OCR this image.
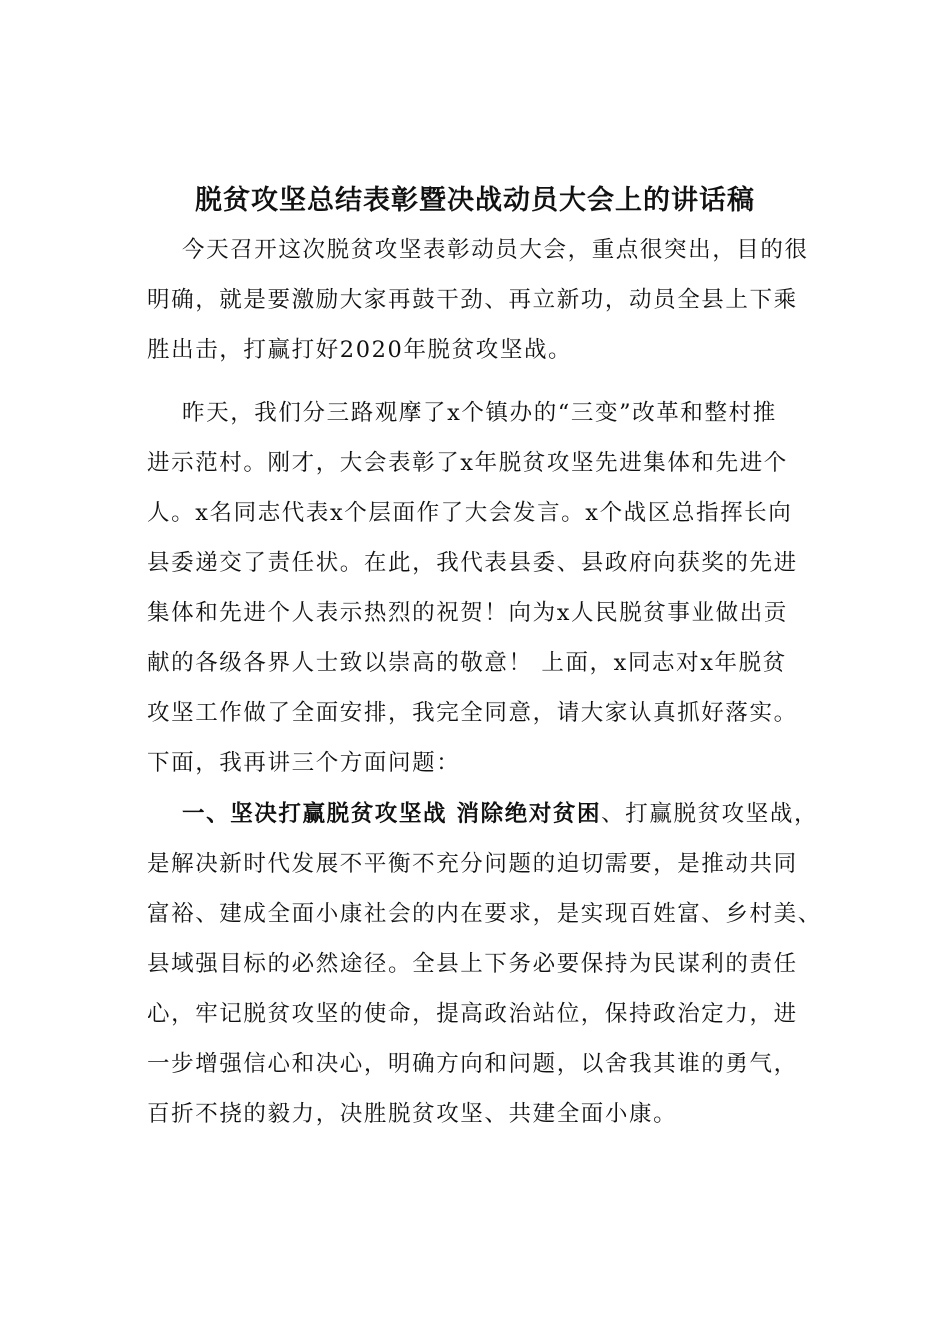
脱贫攻坚总结表彰暨决战动员大会上的讲话稿

今天召开这次脱贫攻坚表彰动员大会，重点很突出，目的很

明确，就是要激励大家再鼓干劲、再立新功，动员全县上下乘

胜出击，打赢打好2020年脱贫攻坚战。

昨天，我们分三路观摩了x个镇办的“三变”改革和整村推

进示范村。刚才，大会表彰了x年脱贫攻坚先进集体和先进个

人。x名同志代表x个层面作了大会发言。x个战区总指挥长向

县委递交了责任状。在此，我代表县委、县政府向获奖的先进

集体和先进个人表示热烈的祝贺！向为x人民脱贫事业做出贡

献的各级各界人士致以崇高的敬意！ 上面，x同志对x年脱贫

攻坚工作做了全面安排，我完全同意，请大家认真抓好落实。

下面，我再讲三个方面问题：

一、坚决打赢脱贫攻坚战 消除绝对贫困、打赢脱贫攻坚战，

是解决新时代发展不平衡不充分问题的迫切需要，是推动共同

富裕、建成全面小康社会的内在要求，是实现百姓富、乡村美、

县域强目标的必然途径。全县上下务必要保持为民谋利的责任

心，牢记脱贫攻坚的使命，提高政治站位，保持政治定力，进

一步增强信心和决心，明确方向和问题，以舍我其谁的勇气，

百折不挠的毅力，决胜脱贫攻坚、共建全面小康。
